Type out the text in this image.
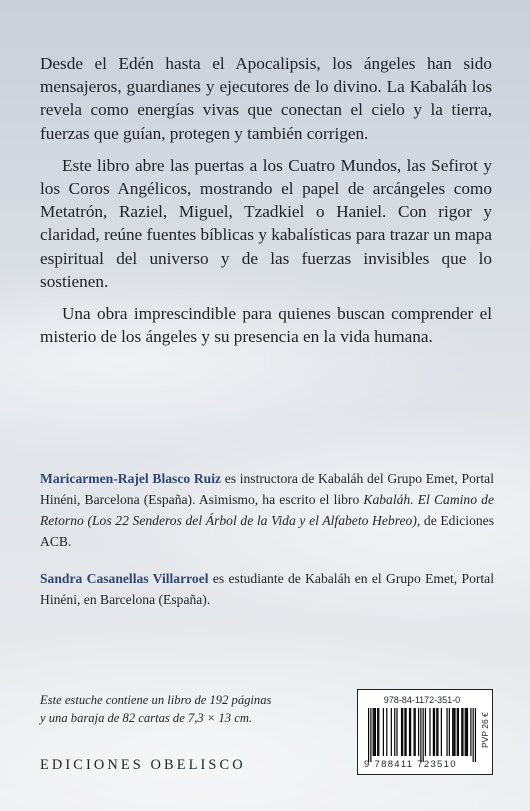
Desde el Edén hasta el Apocalipsis, los ángeles han sido mensajeros, guardianes y ejecutores de lo divino. La Kabaláh los revela como energías vivas que conectan el cielo y la tierra, fuerzas que guían, protegen y también corrigen.

Este libro abre las puertas a los Cuatro Mundos, las Sefirot y los Coros Angélicos, mostrando el papel de arcángeles como Metatrón, Raziel, Miguel, Tzadkiel o Haniel. Con rigor y claridad, reúne fuentes bíblicas y kabalísticas para trazar un mapa espiritual del universo y de las fuerzas invisibles que lo sostienen.

Una obra imprescindible para quienes buscan comprender el misterio de los ángeles y su presencia en la vida humana.

Maricarmen-Rajel Blasco Ruiz es instructora de Kabaláh del Grupo Emet, Portal Hinéni, Barcelona (España). Asimismo, ha escrito el libro Kabaláh. El Camino de Retorno (Los 22 Senderos del Árbol de la Vida y el Alfabeto Hebreo), de Ediciones ACB.

Sandra Casanellas Villarroel es estudiante de Kabaláh en el Grupo Emet, Portal Hinéni, en Barcelona (España).

Este estuche contiene un libro de 192 páginas
y una baraja de 82 cartas de 7,3 × 13 cm.
EDICIONES OBELISCO
978-84-1172-351-0
9 788411 723510
PVP 26 €
